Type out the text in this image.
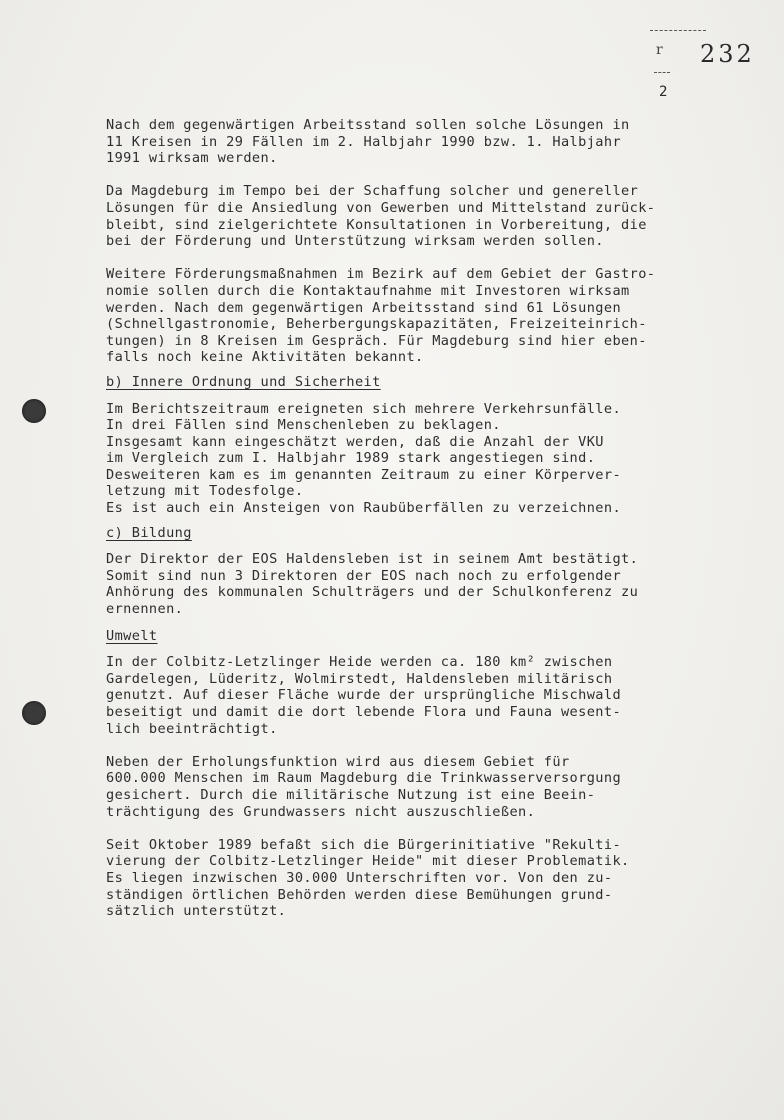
r 232
2
Nach dem gegenwärtigen Arbeitsstand sollen solche Lösungen in
11 Kreisen in 29 Fällen im 2. Halbjahr 1990 bzw. 1. Halbjahr
1991 wirksam werden.
Da Magdeburg im Tempo bei der Schaffung solcher und genereller
Lösungen für die Ansiedlung von Gewerben und Mittelstand zurück-
bleibt, sind zielgerichtete Konsultationen in Vorbereitung, die
bei der Förderung und Unterstützung wirksam werden sollen.
Weitere Förderungsmaßnahmen im Bezirk auf dem Gebiet der Gastro-
nomie sollen durch die Kontaktaufnahme mit Investoren wirksam
werden. Nach dem gegenwärtigen Arbeitsstand sind 61 Lösungen
(Schnellgastronomie, Beherbergungskapazitäten, Freizeiteinrich-
tungen) in 8 Kreisen im Gespräch. Für Magdeburg sind hier eben-
falls noch keine Aktivitäten bekannt.
b) Innere Ordnung und Sicherheit
Im Berichtszeitraum ereigneten sich mehrere Verkehrsunfälle.
In drei Fällen sind Menschenleben zu beklagen.
Insgesamt kann eingeschätzt werden, daß die Anzahl der VKU
im Vergleich zum I. Halbjahr 1989 stark angestiegen sind.
Desweiteren kam es im genannten Zeitraum zu einer Körperver-
letzung mit Todesfolge.
Es ist auch ein Ansteigen von Raubüberfällen zu verzeichnen.
c) Bildung
Der Direktor der EOS Haldensleben ist in seinem Amt bestätigt.
Somit sind nun 3 Direktoren der EOS nach noch zu erfolgender
Anhörung des kommunalen Schulträgers und der Schulkonferenz zu
ernennen.
Umwelt
In der Colbitz-Letzlinger Heide werden ca. 180 km² zwischen
Gardelegen, Lüderitz, Wolmirstedt, Haldensleben militärisch
genutzt. Auf dieser Fläche wurde der ursprüngliche Mischwald
beseitigt und damit die dort lebende Flora und Fauna wesent-
lich beeinträchtigt.
Neben der Erholungsfunktion wird aus diesem Gebiet für
600.000 Menschen im Raum Magdeburg die Trinkwasserversorgung
gesichert. Durch die militärische Nutzung ist eine Beein-
trächtigung des Grundwassers nicht auszuschließen.
Seit Oktober 1989 befaßt sich die Bürgerinitiative "Rekulti-
vierung der Colbitz-Letzlinger Heide" mit dieser Problematik.
Es liegen inzwischen 30.000 Unterschriften vor. Von den zu-
ständigen örtlichen Behörden werden diese Bemühungen grund-
sätzlich unterstützt.
